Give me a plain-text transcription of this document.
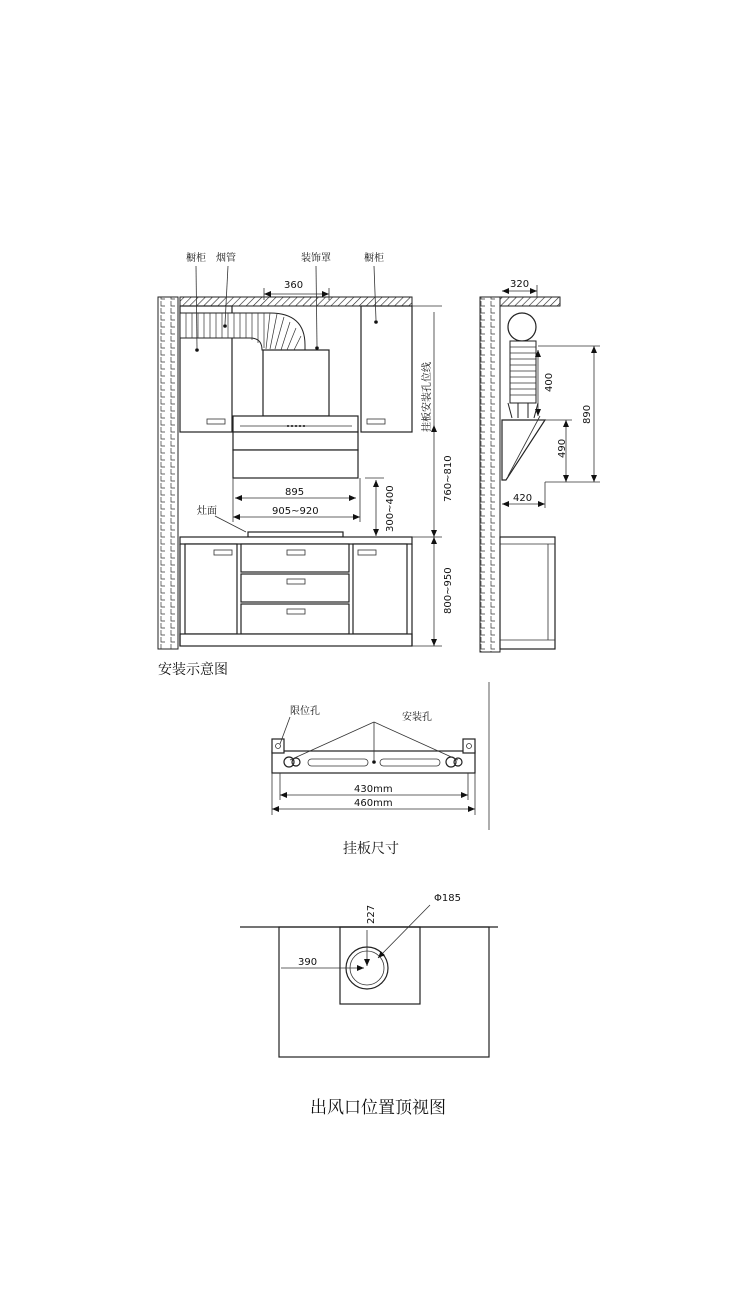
橱柜 烟管	装饰罩	橱柜
360
895
905~920
灶面	300~400
挂板安装孔位线
760~810
800~950
安装示意图
320
400
490
890
420
限位孔
安装孔
430mm
460mm
挂板尺寸
227
390
Φ185
出风口位置顶视图
